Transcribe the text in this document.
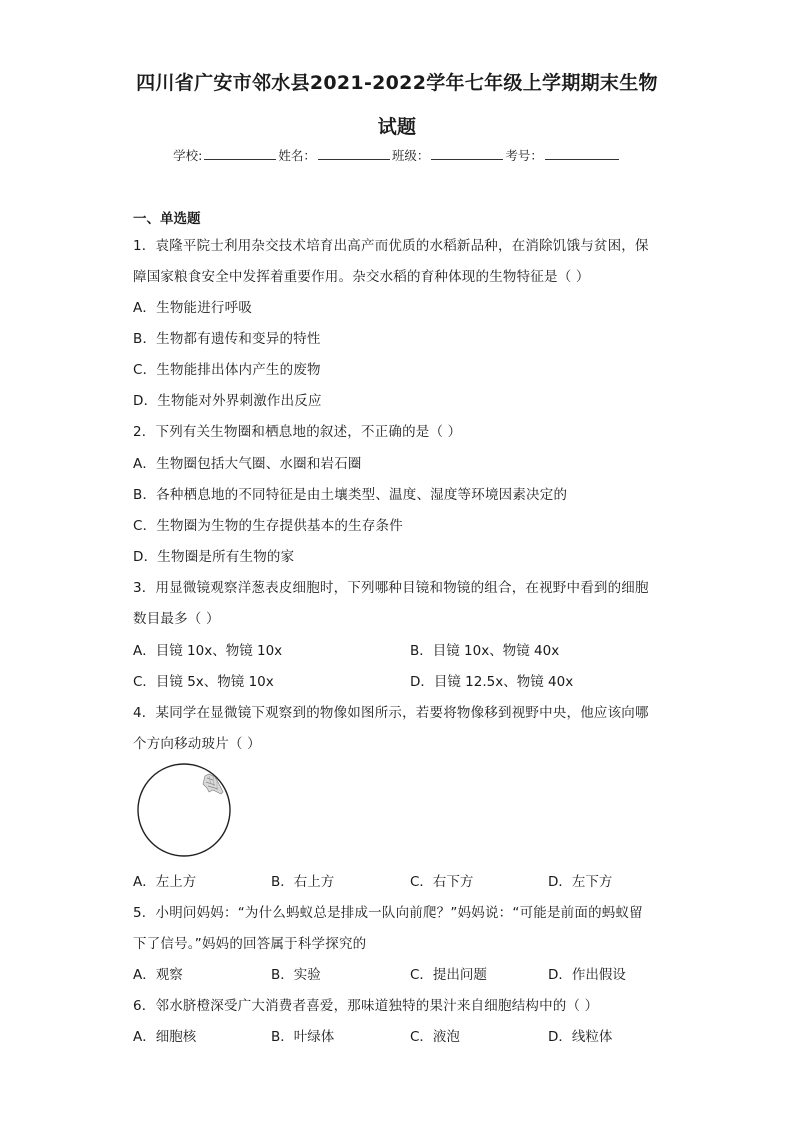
四川省广安市邻水县2021-2022学年七年级上学期期末生物
试题
学校:	姓名：	班级：	考号：
一、单选题
1．袁隆平院士利用杂交技术培育出高产而优质的水稻新品种，在消除饥饿与贫困，保
障国家粮食安全中发挥着重要作用。杂交水稻的育种体现的生物特征是（ ）
A．生物能进行呼吸
B．生物都有遗传和变异的特性
C．生物能排出体内产生的废物
D．生物能对外界刺激作出反应
2．下列有关生物圈和栖息地的叙述，不正确的是（ ）
A．生物圈包括大气圈、水圈和岩石圈
B．各种栖息地的不同特征是由土壤类型、温度、湿度等环境因素决定的
C．生物圈为生物的生存提供基本的生存条件
D．生物圈是所有生物的家
3．用显微镜观察洋葱表皮细胞时，下列哪种目镜和物镜的组合，在视野中看到的细胞
数目最多（ ）
A．目镜 10x、物镜 10x	B．目镜 10x、物镜 40x
C．目镜 5x、物镜 10x	D．目镜 12.5x、物镜 40x
4．某同学在显微镜下观察到的物像如图所示，若要将物像移到视野中央，他应该向哪
个方向移动玻片（ ）
A．左上方	B．右上方	C．右下方	D．左下方
5．小明问妈妈：“为什么蚂蚁总是排成一队向前爬？”妈妈说：“可能是前面的蚂蚁留
下了信号。”妈妈的回答属于科学探究的
A．观察	B．实验	C．提出问题	D．作出假设
6．邻水脐橙深受广大消费者喜爱，那味道独特的果汁来自细胞结构中的（ ）
A．细胞核	B．叶绿体	C．液泡	D．线粒体
